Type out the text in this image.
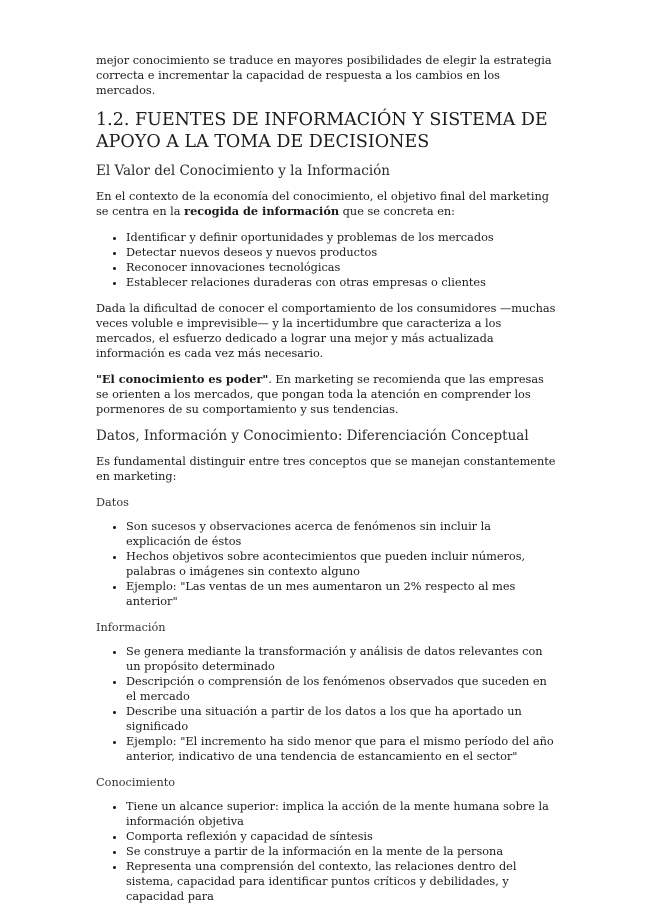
mejor conocimiento se traduce en mayores posibilidades de elegir la estrategia correcta e incrementar la capacidad de respuesta a los cambios en los mercados.

1.2. FUENTES DE INFORMACIÓN Y SISTEMA DE APOYO A LA TOMA DE DECISIONES
El Valor del Conocimiento y la Información

En el contexto de la economía del conocimiento, el objetivo final del marketing se centra en la recogida de información que se concreta en:

• Identificar y definir oportunidades y problemas de los mercados
• Detectar nuevos deseos y nuevos productos
• Reconocer innovaciones tecnológicas
• Establecer relaciones duraderas con otras empresas o clientes

Dada la dificultad de conocer el comportamiento de los consumidores —muchas veces voluble e imprevisible— y la incertidumbre que caracteriza a los mercados, el esfuerzo dedicado a lograr una mejor y más actualizada información es cada vez más necesario.

"El conocimiento es poder". En marketing se recomienda que las empresas se orienten a los mercados, que pongan toda la atención en comprender los pormenores de su comportamiento y sus tendencias.

Datos, Información y Conocimiento: Diferenciación Conceptual

Es fundamental distinguir entre tres conceptos que se manejan constantemente en marketing:

Datos
• Son sucesos y observaciones acerca de fenómenos sin incluir la explicación de éstos
• Hechos objetivos sobre acontecimientos que pueden incluir números, palabras o imágenes sin contexto alguno
• Ejemplo: "Las ventas de un mes aumentaron un 2% respecto al mes anterior"
Información
• Se genera mediante la transformación y análisis de datos relevantes con un propósito determinado
• Descripción o comprensión de los fenómenos observados que suceden en el mercado
• Describe una situación a partir de los datos a los que ha aportado un significado
• Ejemplo: "El incremento ha sido menor que para el mismo período del año anterior, indicativo de una tendencia de estancamiento en el sector"
Conocimiento
• Tiene un alcance superior: implica la acción de la mente humana sobre la información objetiva
• Comporta reflexión y capacidad de síntesis
• Se construye a partir de la información en la mente de la persona
• Representa una comprensión del contexto, las relaciones dentro del sistema, capacidad para identificar puntos críticos y debilidades, y capacidad para
